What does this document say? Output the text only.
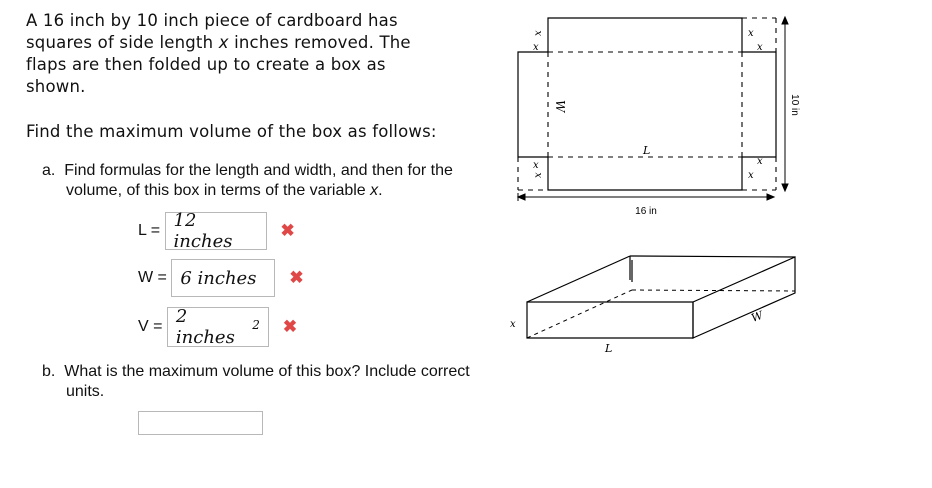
A 16 inch by 10 inch piece of cardboard has
squares of side length x inches removed. The
flaps are then folded up to create a box as
shown.
Find the maximum volume of the box as follows:
a. Find formulas for the length and width, and then for the volume, of this box in terms of the variable x.
L = 12 inches
✖
W = 6 inches ✖
V = 2 inches
$^2$ ✖
b. What is the maximum volume of this box? Include correct units.
x
x
x
x
x
x	x
x
W
L
16 in
10 in
x
L
W
